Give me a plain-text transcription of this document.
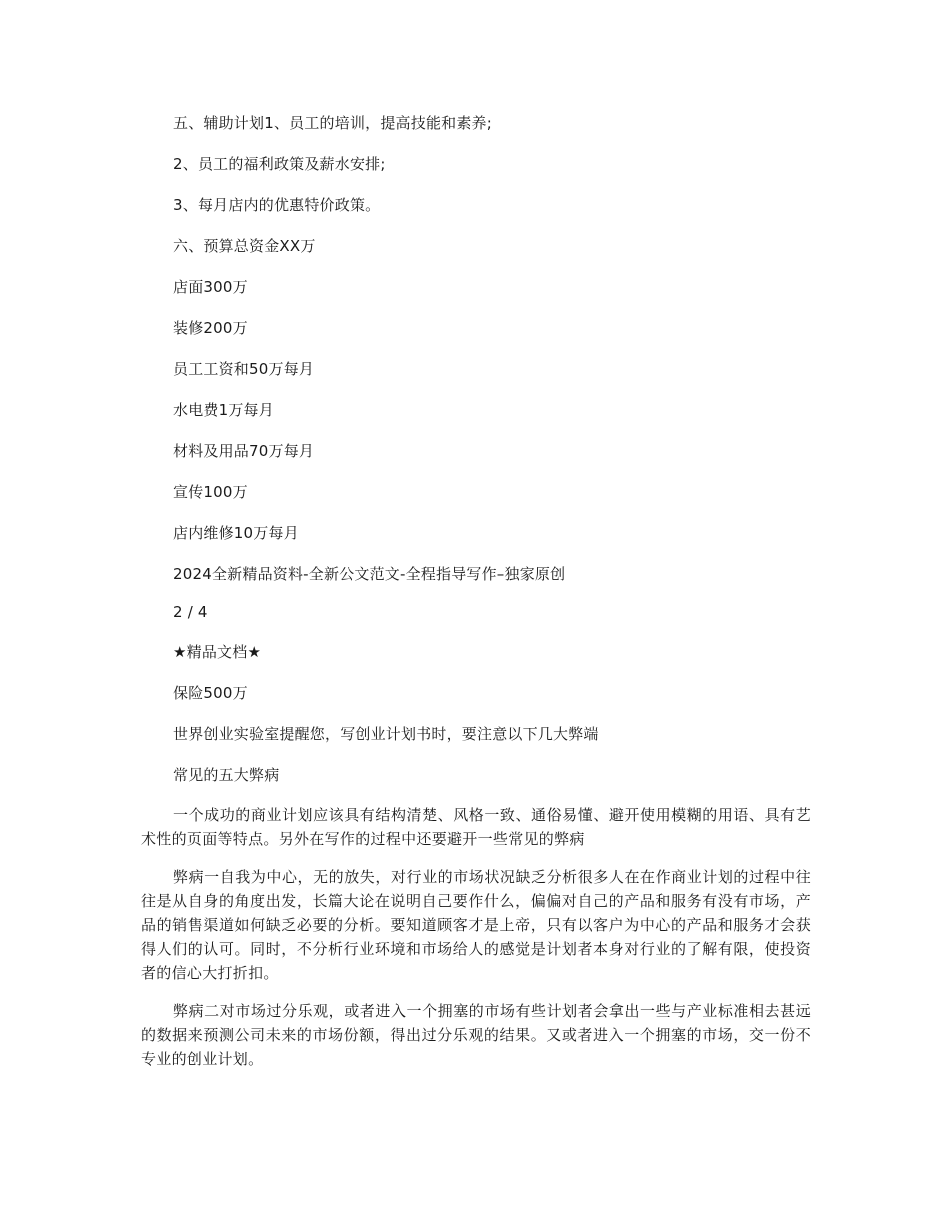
五、辅助计划1、员工的培训，提高技能和素养;
2、员工的福利政策及薪水安排;
3、每月店内的优惠特价政策。
六、预算总资金XX万
店面300万
装修200万
员工工资和50万每月
水电费1万每月
材料及用品70万每月
宣传100万
店内维修10万每月
2024全新精品资料-全新公文范文-全程指导写作–独家原创
2 / 4
★精品文档★
保险500万
世界创业实验室提醒您，写创业计划书时，要注意以下几大弊端
常见的五大弊病
一个成功的商业计划应该具有结构清楚、风格一致、通俗易懂、避开使用模糊的用语、具有艺术性的页面等特点。另外在写作的过程中还要避开一些常见的弊病
弊病一自我为中心，无的放失，对行业的市场状况缺乏分析很多人在在作商业计划的过程中往往是从自身的角度出发，长篇大论在说明自己要作什么，偏偏对自己的产品和服务有没有市场，产品的销售渠道如何缺乏必要的分析。要知道顾客才是上帝，只有以客户为中心的产品和服务才会获得人们的认可。同时，不分析行业环境和市场给人的感觉是计划者本身对行业的了解有限，使投资者的信心大打折扣。
弊病二对市场过分乐观，或者进入一个拥塞的市场有些计划者会拿出一些与产业标准相去甚远的数据来预测公司未来的市场份额，得出过分乐观的结果。又或者进入一个拥塞的市场，交一份不专业的创业计划。
